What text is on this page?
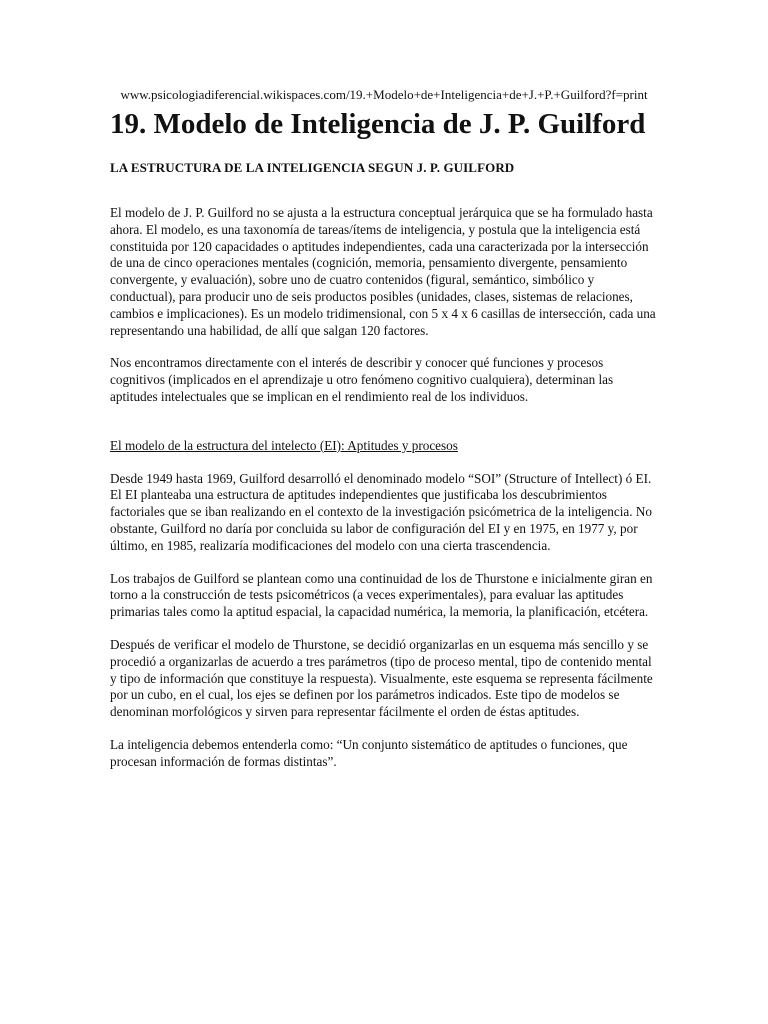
www.psicologiadiferencial.wikispaces.com/19.+Modelo+de+Inteligencia+de+J.+P.+Guilford?f=print
19. Modelo de Inteligencia de J. P. Guilford
LA ESTRUCTURA DE LA INTELIGENCIA SEGUN J. P. GUILFORD

El modelo de J. P. Guilford no se ajusta a la estructura conceptual jerárquica que se ha formulado hasta ahora. El modelo, es una taxonomía de tareas/ítems de inteligencia, y postula que la inteligencia está constituida por 120 capacidades o aptitudes independientes, cada una caracterizada por la intersección de una de cinco operaciones mentales (cognición, memoria, pensamiento divergente, pensamiento convergente, y evaluación), sobre uno de cuatro contenidos (figural, semántico, simbólico y conductual), para producir uno de seis productos posibles (unidades, clases, sistemas de relaciones, cambios e implicaciones). Es un modelo tridimensional, con 5 x 4 x 6 casillas de intersección, cada una representando una habilidad, de allí que salgan 120 factores.

Nos encontramos directamente con el interés de describir y conocer qué funciones y procesos cognitivos (implicados en el aprendizaje u otro fenómeno cognitivo cualquiera), determinan las aptitudes intelectuales que se implican en el rendimiento real de los individuos.

El modelo de la estructura del intelecto (EI): Aptitudes y procesos

Desde 1949 hasta 1969, Guilford desarrolló el denominado modelo “SOI” (Structure of Intellect) ó EI. El EI planteaba una estructura de aptitudes independientes que justificaba los descubrimientos factoriales que se iban realizando en el contexto de la investigación psicómetrica de la inteligencia. No obstante, Guilford no daría por concluida su labor de configuración del EI y en 1975, en 1977 y, por último, en 1985, realizaría modificaciones del modelo con una cierta trascendencia.

Los trabajos de Guilford se plantean como una continuidad de los de Thurstone e inicialmente giran en torno a la construcción de tests psicométricos (a veces experimentales), para evaluar las aptitudes primarias tales como la aptitud espacial, la capacidad numérica, la memoria, la planificación, etcétera.

Después de verificar el modelo de Thurstone, se decidió organizarlas en un esquema más sencillo y se procedió a organizarlas de acuerdo a tres parámetros (tipo de proceso mental, tipo de contenido mental y tipo de información que constituye la respuesta). Visualmente, este esquema se representa fácilmente por un cubo, en el cual, los ejes se definen por los parámetros indicados. Este tipo de modelos se denominan morfológicos y sirven para representar fácilmente el orden de éstas aptitudes.

La inteligencia debemos entenderla como: “Un conjunto sistemático de aptitudes o funciones, que procesan información de formas distintas”.
